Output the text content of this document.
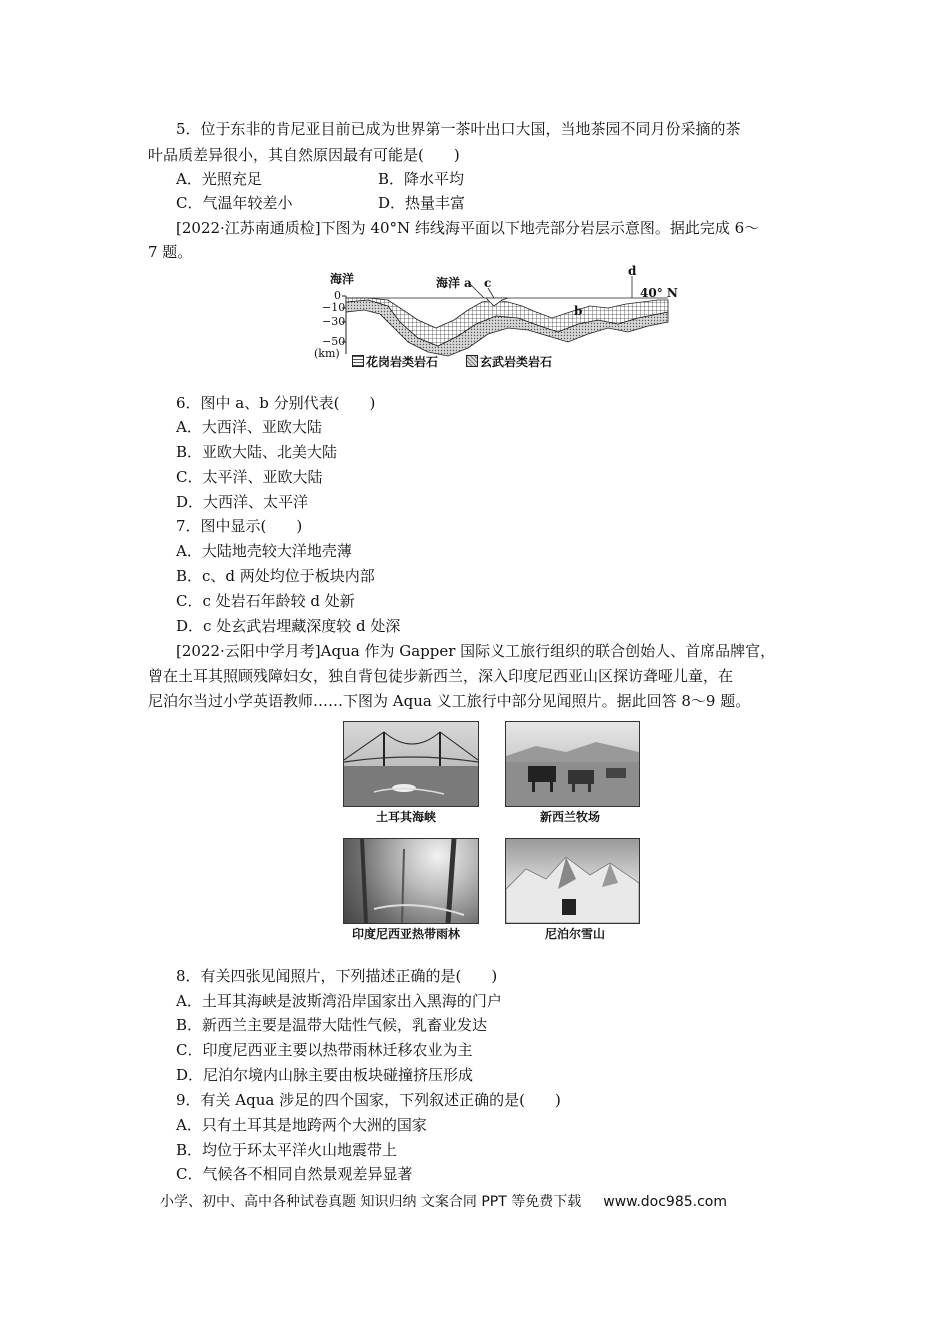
5．位于东非的肯尼亚目前已成为世界第一茶叶出口大国，当地茶园不同月份采摘的茶
叶品质差异很小，其自然原因最有可能是(　　)
A．光照充足	B．降水平均
C．气温年较差小	D．热量丰富
[2022·江苏南通质检]下图为 40°N 纬线海平面以下地壳部分岩层示意图。据此完成 6～
7 题。
海洋	海洋 a c
d
b
40° N
0
−10
−30
−50
(km)
花岗岩类岩石	玄武岩类岩石
6．图中 a、b 分别代表(　　)
A．大西洋、亚欧大陆
B．亚欧大陆、北美大陆
C．太平洋、亚欧大陆
D．大西洋、太平洋
7．图中显示(　　)
A．大陆地壳较大洋地壳薄
B．c、d 两处均位于板块内部
C．c 处岩石年龄较 d 处新
D．c 处玄武岩埋藏深度较 d 处深
[2022·云阳中学月考]Aqua 作为 Gapper 国际义工旅行组织的联合创始人、首席品牌官，
曾在土耳其照顾残障妇女，独自背包徒步新西兰，深入印度尼西亚山区探访聋哑儿童，在
尼泊尔当过小学英语教师……下图为 Aqua 义工旅行中部分见闻照片。据此回答 8～9 题。
土耳其海峡	新西兰牧场
印度尼西亚热带雨林	尼泊尔雪山
8．有关四张见闻照片，下列描述正确的是(　　)
A．土耳其海峡是波斯湾沿岸国家出入黑海的门户
B．新西兰主要是温带大陆性气候，乳畜业发达
C．印度尼西亚主要以热带雨林迁移农业为主
D．尼泊尔境内山脉主要由板块碰撞挤压形成
9．有关 Aqua 涉足的四个国家，下列叙述正确的是(　　)
A．只有土耳其是地跨两个大洲的国家
B．均位于环太平洋火山地震带上
C．气候各不相同自然景观差异显著
小学、初中、高中各种试卷真题 知识归纳 文案合同 PPT 等免费下载 www.doc985.com
